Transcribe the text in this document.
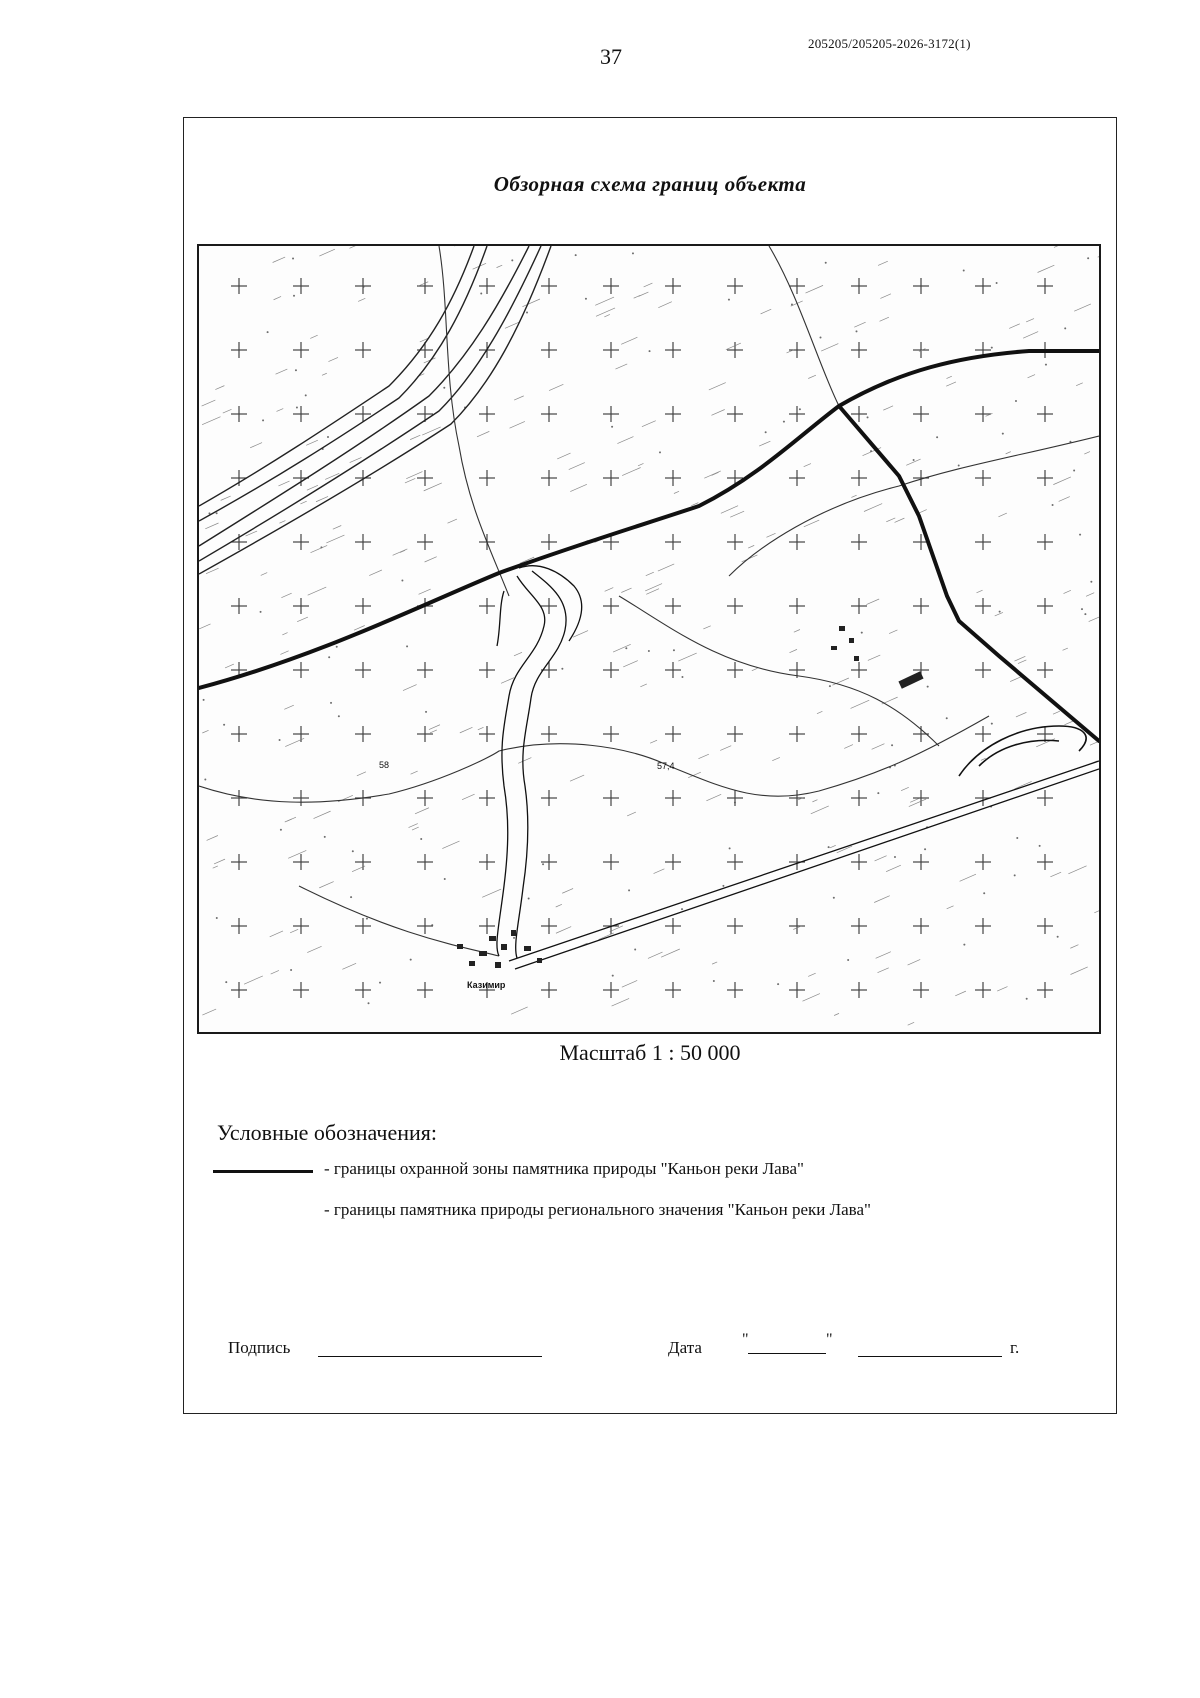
37
205205/205205-2026-3172(1)
Обзорная схема границ объекта
57,4
58
Казимир
Масштаб 1 : 50 000
Условные обозначения:
- границы охранной зоны памятника природы "Каньон реки Лава"
- границы памятника природы регионального значения "Каньон реки Лава"
Подпись	Дата	"	"	г.
